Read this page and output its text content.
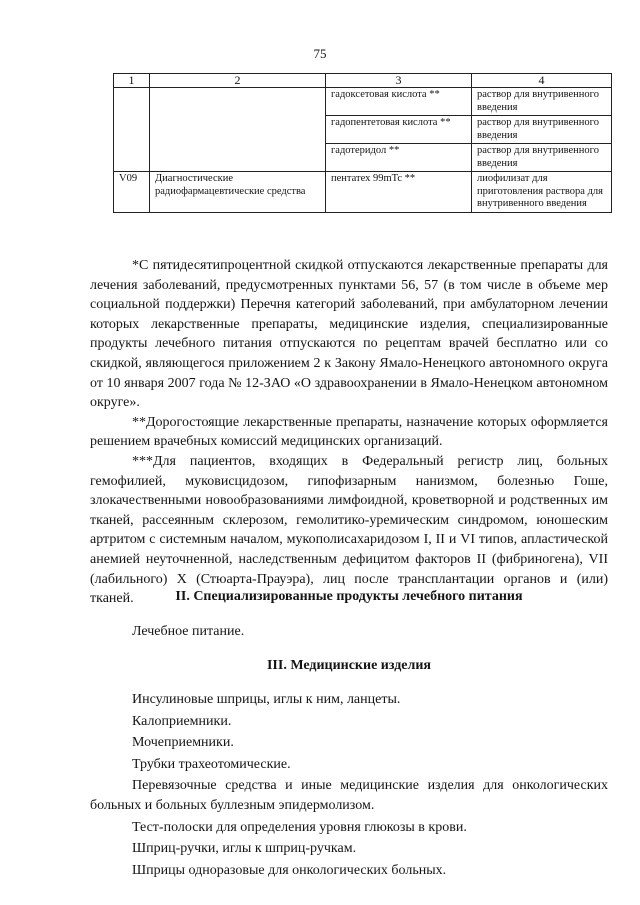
75
1	2	3	4
		гадоксетовая кислота **	раствор для внутривенного введения
		гадопентетовая кислота **	раствор для внутривенного введения
		гадотеридол **	раствор для внутривенного введения
V09	Диагностические радиофармацевтические средства	пентатех 99mTc **	лиофилизат для приготовления раствора для внутривенного введения

*С пятидесятипроцентной скидкой отпускаются лекарственные препараты для лечения заболеваний, предусмотренных пунктами 56, 57 (в том числе в объеме мер социальной поддержки) Перечня категорий заболеваний, при амбулаторном лечении которых лекарственные препараты, медицинские изделия, специализированные продукты лечебного питания отпускаются по рецептам врачей бесплатно или со скидкой, являющегося приложением 2 к Закону Ямало-Ненецкого автономного округа от 10 января 2007 года № 12-ЗАО «О здравоохранении в Ямало-Ненецком автономном округе».

**Дорогостоящие лекарственные препараты, назначение которых оформляется решением врачебных комиссий медицинских организаций.

***Для пациентов, входящих в Федеральный регистр лиц, больных гемофилией, муковисцидозом, гипофизарным нанизмом, болезнью Гоше, злокачественными новообразованиями лимфоидной, кроветворной и родственных им тканей, рассеянным склерозом, гемолитико-уремическим синдромом, юношеским артритом с системным началом, мукополисахаридозом I, II и VI типов, апластической анемией неуточненной, наследственным дефицитом факторов II (фибриногена), VII (лабильного) X (Стюарта-Прауэра), лиц после трансплантации органов и (или) тканей.	II. Специализированные продукты лечебного питания

Лечебное питание.

III. Медицинские изделия

Инсулиновые шприцы, иглы к ним, ланцеты.

Калоприемники.

Мочеприемники.

Трубки трахеотомические.

Перевязочные средства и иные медицинские изделия для онкологических больных и больных буллезным эпидермолизом.

Тест-полоски для определения уровня глюкозы в крови.

Шприц-ручки, иглы к шприц-ручкам.

Шприцы одноразовые для онкологических больных.
